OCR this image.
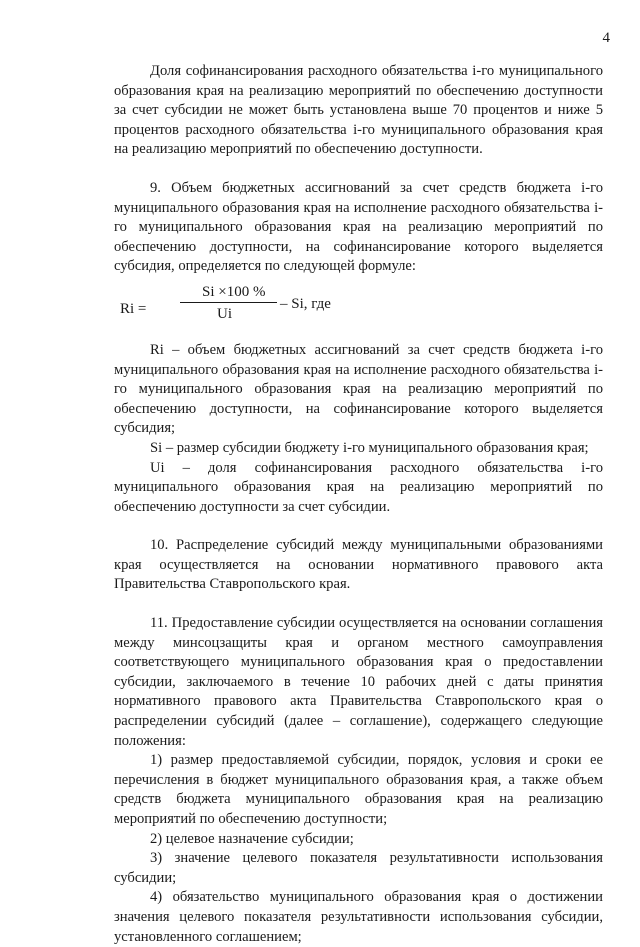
4

Доля софинансирования расходного обязательства i-го муниципального образования края на реализацию мероприятий по обеспечению доступности за счет субсидии не может быть установлена выше 70 процентов и ниже 5 процентов расходного обязательства i-го муниципального образования края на реализацию мероприятий по обеспечению доступности.

9. Объем бюджетных ассигнований за счет средств бюджета i-го муниципального образования края на исполнение расходного обязательства i-го муниципального образования края на реализацию мероприятий по обеспечению доступности, на софинансирование которого выделяется субсидия, определяется по следующей формуле:

Ri =
Si ×100 %
Ui
– Si, где

Ri – объем бюджетных ассигнований за счет средств бюджета i-го муниципального образования края на исполнение расходного обязательства i-го муниципального образования края на реализацию мероприятий по обеспечению доступности, на софинансирование которого выделяется субсидия;

Si – размер субсидии бюджету i-го муниципального образования края;

Ui – доля софинансирования расходного обязательства i-го муниципального образования края на реализацию мероприятий по обеспечению доступности за счет субсидии.

10. Распределение субсидий между муниципальными образованиями края осуществляется на основании нормативного правового акта Правительства Ставропольского края.

11. Предоставление субсидии осуществляется на основании соглашения между минсоцзащиты края и органом местного самоуправления соответствующего муниципального образования края о предоставлении субсидии, заключаемого в течение 10 рабочих дней с даты принятия нормативного правового акта Правительства Ставропольского края о распределении субсидий (далее – соглашение), содержащего следующие положения:

1) размер предоставляемой субсидии, порядок, условия и сроки ее перечисления в бюджет муниципального образования края, а также объем средств бюджета муниципального образования края на реализацию мероприятий по обеспечению доступности;

2) целевое назначение субсидии;

3) значение целевого показателя результативности использования субсидии;

4) обязательство муниципального образования края о достижении значения целевого показателя результативности использования субсидии, установленного соглашением;
